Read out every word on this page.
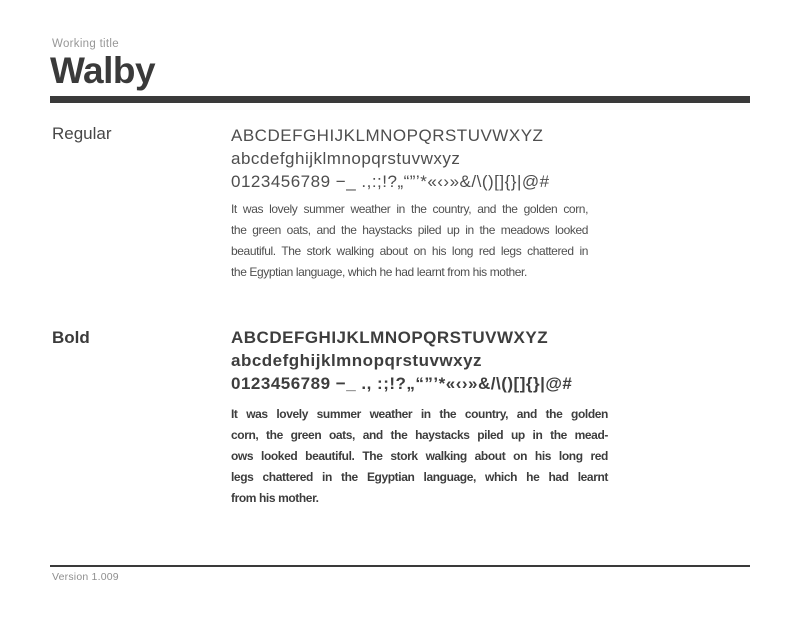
Working title
Walby
Regular	ABCDEFGHIJKLMNOPQRSTUVWXYZ
abcdefghijklmnopqrstuvwxyz
0123456789 −_ .,:;!?„“”’*«‹›»&/\()[]{}|@#
It was lovely summer weather in the country, and the golden corn,
the green oats, and the haystacks piled up in the meadows looked
beautiful. The stork walking about on his long red legs chattered in
the Egyptian language, which he had learnt from his mother.
Bold	ABCDEFGHIJKLMNOPQRSTUVWXYZ
abcdefghijklmnopqrstuvwxyz
0123456789 −_ ., :;!?„“”’*«‹›»&/\()[]{}|@#
It was lovely summer weather in the country, and the golden
corn, the green oats, and the haystacks piled up in the mead-
ows looked beautiful. The stork walking about on his long red
legs chattered in the Egyptian language, which he had learnt
from his mother.
Version 1.009
